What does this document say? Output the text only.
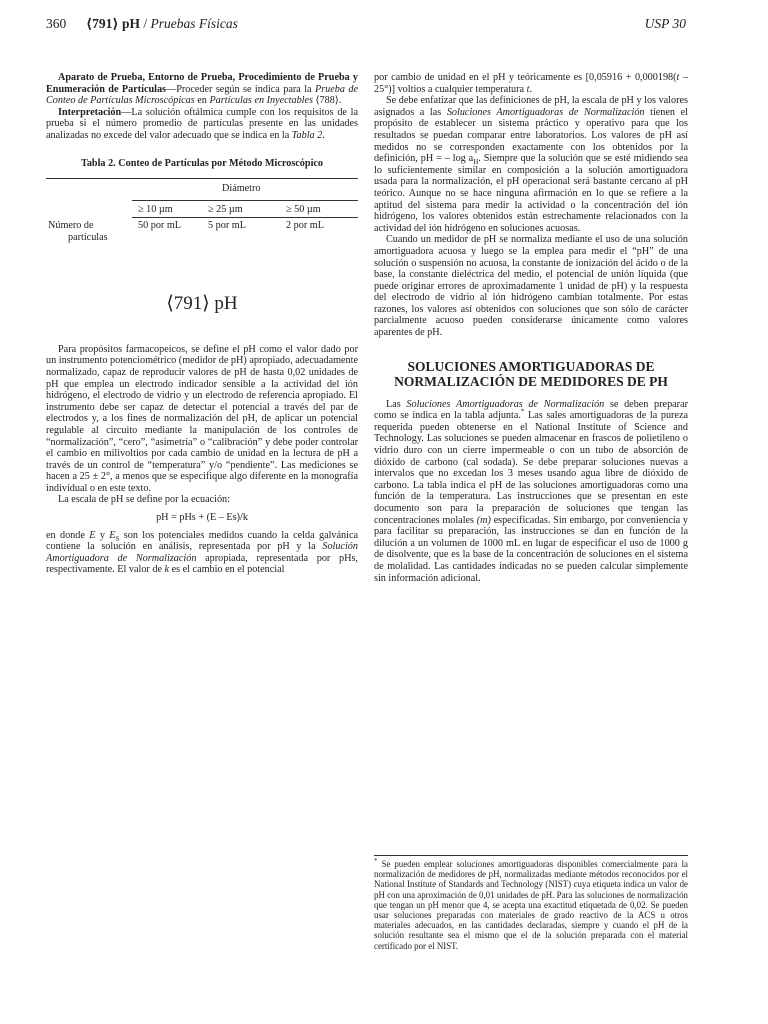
360 ⟨791⟩ pH / Pruebas Físicas	USP 30

Aparato de Prueba, Entorno de Prueba, Procedimiento de Prueba y Enumeración de Partículas—Proceder según se indica para la Prueba de Conteo de Partículas Microscópicas en Partículas en Inyectables ⟨788⟩.

Interpretación—La solución oftálmica cumple con los requisitos de la prueba si el número promedio de partículas presente en las unidades analizadas no excede del valor adecuado que se indica en la Tabla 2.

Tabla 2. Conteo de Partículas por Método Microscópico
Diámetro
≥ 10 µm	≥ 25 µm	≥ 50 µm
Número de
partículas
50 por mL	5 por mL	2 por mL
⟨791⟩ pH

Para propósitos farmacopeicos, se define el pH como el valor dado por un instrumento potenciométrico (medidor de pH) apropiado, adecuadamente normalizado, capaz de reproducir valores de pH de hasta 0,02 unidades de pH que emplea un electrodo indicador sensible a la actividad del ión hidrógeno, el electrodo de vidrio y un electrodo de referencia apropiado. El instrumento debe ser capaz de detectar el potencial a través del par de electrodos y, a los fines de normalización del pH, de aplicar un potencial regulable al circuito mediante la manipulación de los controles de “normalización”, “cero”, “asimetría” o “calibración” y debe poder controlar el cambio en milivoltios por cada cambio de unidad en la lectura de pH a través de un control de “temperatura” y/o “pendiente”. Las mediciones se hacen a 25 ± 2°, a menos que se especifique algo diferente en la monografía individual o en este texto.

La escala de pH se define por la ecuación:

pH = pHs + (E – Es)/k

en donde E y $E_S$ son los potenciales medidos cuando la celda galvánica contiene la solución en análisis, representada por pH y la Solución Amortiguadora de Normalización apropiada, representada por pHs, respectivamente. El valor de k es el cambio en el potencial

por cambio de unidad en el pH y teóricamente es [0,05916 + 0,000198(t – 25°)] voltios a cualquier temperatura t.

Se debe enfatizar que las definiciones de pH, la escala de pH y los valores asignados a las Soluciones Amortiguadoras de Normalización tienen el propósito de establecer un sistema práctico y operativo para que los resultados se puedan comparar entre laboratorios. Los valores de pH así medidos no se corresponden exactamente con los obtenidos por la definición, pH = – $\log a_H$. Siempre que la solución que se esté midiendo sea lo suficientemente similar en composición a la solución amortiguadora usada para la normalización, el pH operacional será bastante cercano al pH teórico. Aunque no se hace ninguna afirmación en lo que se refiere a la aptitud del sistema para medir la actividad o la concentración del ión hidrógeno, los valores obtenidos están estrechamente relacionados con la actividad del ión hidrógeno en soluciones acuosas.

Cuando un medidor de pH se normaliza mediante el uso de una solución amortiguadora acuosa y luego se la emplea para medir el “pH” de una solución o suspensión no acuosa, la constante de ionización del ácido o de la base, la constante dieléctrica del medio, el potencial de unión líquida (que puede originar errores de aproximadamente 1 unidad de pH) y la respuesta del electrodo de vidrio al ión hidrógeno cambian totalmente. Por estas razones, los valores así obtenidos con soluciones que son sólo de carácter parcialmente acuoso pueden considerarse únicamente como valores aparentes de pH.

SOLUCIONES AMORTIGUADORAS DE
NORMALIZACIÓN DE MEDIDORES DE PH

Las Soluciones Amortiguadoras de Normalización se deben preparar como se indica en la tabla adjunta.* Las sales amortiguadoras de la pureza requerida pueden obtenerse en el National Institute of Science and Technology. Las soluciones se pueden almacenar en frascos de polietileno o vidrio duro con un cierre impermeable o con un tubo de absorción de dióxido de carbono (cal sodada). Se debe preparar soluciones nuevas a intervalos que no excedan los 3 meses usando agua libre de dióxido de carbono. La tabla indica el pH de las soluciones amortiguadoras como una función de la temperatura. Las instrucciones que se presentan en este documento son para la preparación de soluciones que tengan las concentraciones molales (m) especificadas. Sin embargo, por conveniencia y para facilitar su preparación, las instrucciones se dan en función de la dilución a un volumen de 1000 mL en lugar de especificar el uso de 1000 g de disolvente, que es la base de la concentración de soluciones en el sistema de molalidad. Las cantidades indicadas no se pueden calcular simplemente sin información adicional.

* Se pueden emplear soluciones amortiguadoras disponibles comercialmente para la normalización de medidores de pH, normalizadas mediante métodos reconocidos por el National Institute of Standards and Technology (NIST) cuya etiqueta indica un valor de pH con una aproximación de 0,01 unidades de pH. Para las soluciones de normalización que tengan un pH menor que 4, se acepta una exactitud etiquetada de 0,02. Se pueden usar soluciones preparadas con materiales de grado reactivo de la ACS u otros materiales adecuados, en las cantidades declaradas, siempre y cuando el pH de la solución resultante sea el mismo que el de la solución preparada con el material certificado por el NIST.
